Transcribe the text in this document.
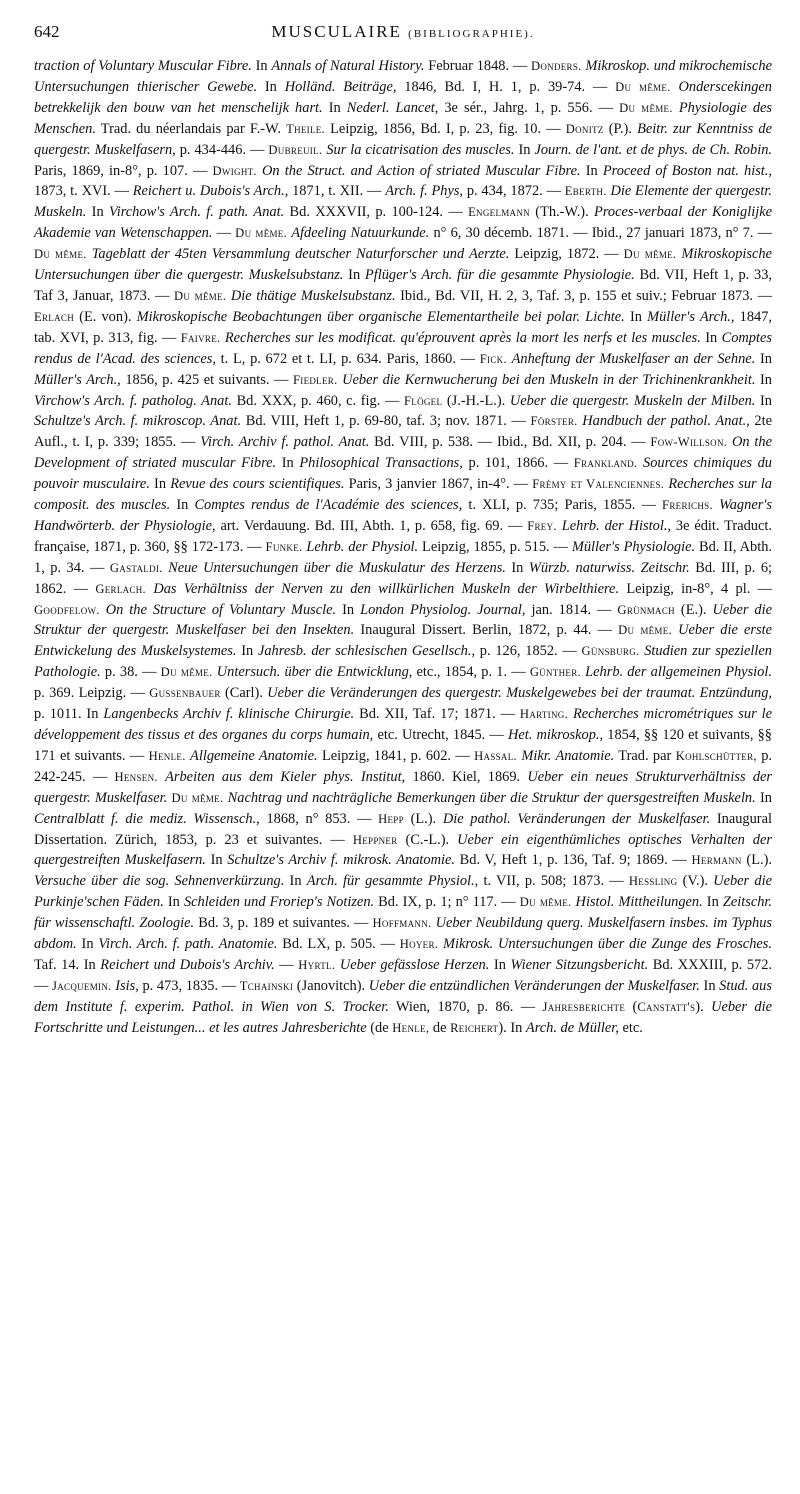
642	MUSCULAIRE (BIBLIOGRAPHIE).

traction of Voluntary Muscular Fibre. In Annals of Natural History. Februar 1848. — Donders. Mikroskop. und mikrochemische Untersuchungen thierischer Gewebe. In Holländ. Beiträge, 1846, Bd. I, H. 1, p. 39-74. — Du même. Onderscekingen betrekkelijk den bouw van het menschelijk hart. In Nederl. Lancet, 3e sér., Jahrg. 1, p. 556. — Du même. Physiologie des Menschen. Trad. du néerlandais par F.-W. Theile. Leipzig, 1856, Bd. I, p. 23, fig. 10. — Donitz (P.). Beitr. zur Kenntniss de quergestr. Muskelfasern, p. 434-446. — Dubreuil. Sur la cicatrisation des muscles. In Journ. de l'ant. et de phys. de Ch. Robin. Paris, 1869, in-8°, p. 107. — Dwight. On the Struct. and Action of striated Muscular Fibre. In Proceed of Boston nat. hist., 1873, t. XVI. — Reichert u. Dubois's Arch., 1871, t. XII. — Arch. f. Phys, p. 434, 1872. — Eberth. Die Elemente der quergestr. Muskeln. In Virchow's Arch. f. path. Anat. Bd. XXXVII, p. 100-124. — Engelmann (Th.-W.). Proces-verbaal der Koniglijke Akademie van Wetenschappen. — Du même. Afdeeling Natuurkunde. n° 6, 30 décemb. 1871. — Ibid., 27 januari 1873, n° 7. — Du même. Tageblatt der 45ten Versammlung deutscher Naturforscher und Aerzte. Leipzig, 1872. — Du même. Mikroskopische Untersuchungen über die quergestr. Muskelsubstanz. In Pflüger's Arch. für die gesammte Physiologie. Bd. VII, Heft 1, p. 33, Taf 3, Januar, 1873. — Du même. Die thätige Muskelsubstanz. Ibid., Bd. VII, H. 2, 3, Taf. 3, p. 155 et suiv.; Februar 1873. — Erlach (E. von). Mikroskopische Beobachtungen über organische Elementartheile bei polar. Lichte. In Müller's Arch., 1847, tab. XVI, p. 313, fig. — Faivre. Recherches sur les modificat. qu'éprouvent après la mort les nerfs et les muscles. In Comptes rendus de l'Acad. des sciences, t. L, p. 672 et t. LI, p. 634. Paris, 1860. — Fick. Anheftung der Muskelfaser an der Sehne. In Müller's Arch., 1856, p. 425 et suivants. — Fiedler. Ueber die Kernwucherung bei den Muskeln in der Trichinenkrankheit. In Virchow's Arch. f. patholog. Anat. Bd. XXX, p. 460, c. fig. — Flögel (J.-H.-L.). Ueber die quergestr. Muskeln der Milben. In Schultze's Arch. f. mikroscop. Anat. Bd. VIII, Heft 1, p. 69-80, taf. 3; nov. 1871. — Förster. Handbuch der pathol. Anat., 2te Aufl., t. I, p. 339; 1855. — Virch. Archiv f. pathol. Anat. Bd. VIII, p. 538. — Ibid., Bd. XII, p. 204. — Fow-Willson. On the Development of striated muscular Fibre. In Philosophical Transactions, p. 101, 1866. — Frankland. Sources chimiques du pouvoir musculaire. In Revue des cours scientifiques. Paris, 3 janvier 1867, in-4°. — Frémy et Valenciennes. Recherches sur la composit. des muscles. In Comptes rendus de l'Académie des sciences, t. XLI, p. 735; Paris, 1855. — Frerichs. Wagner's Handwörterb. der Physiologie, art. Verdauung. Bd. III, Abth. 1, p. 658, fig. 69. — Frey. Lehrb. der Histol., 3e édit. Traduct. française, 1871, p. 360, §§ 172-173. — Funke. Lehrb. der Physiol. Leipzig, 1855, p. 515. — Müller's Physiologie. Bd. II, Abth. 1, p. 34. — Gastaldi. Neue Untersuchungen über die Muskulatur des Herzens. In Würzb. naturwiss. Zeitschr. Bd. III, p. 6; 1862. — Gerlach. Das Verhältniss der Nerven zu den willkürlichen Muskeln der Wirbelthiere. Leipzig, in-8°, 4 pl. — Goodfelow. On the Structure of Voluntary Muscle. In London Physiolog. Journal, jan. 1814. — Grünmach (E.). Ueber die Struktur der quergestr. Muskelfaser bei den Insekten. Inaugural Dissert. Berlin, 1872, p. 44. — Du même. Ueber die erste Entwickelung des Muskelsystemes. In Jahresb. der schlesischen Gesellsch., p. 126, 1852. — Günsburg. Studien zur speziellen Pathologie. p. 38. — Du même. Untersuch. über die Entwicklung, etc., 1854, p. 1. — Günther. Lehrb. der allgemeinen Physiol. p. 369. Leipzig. — Gussenbauer (Carl). Ueber die Veränderungen des quergestr. Muskelgewebes bei der traumat. Entzündung, p. 1011. In Langenbecks Archiv f. klinische Chirurgie. Bd. XII, Taf. 17; 1871. — Harting. Recherches micrométriques sur le développement des tissus et des organes du corps humain, etc. Utrecht, 1845. — Het. mikroskop., 1854, §§ 120 et suivants, §§ 171 et suivants. — Henle. Allgemeine Anatomie. Leipzig, 1841, p. 602. — Hassal. Mikr. Anatomie. Trad. par Kohlschütter, p. 242-245. — Hensen. Arbeiten aus dem Kieler phys. Institut, 1860. Kiel, 1869. Ueber ein neues Strukturverhältniss der quergestr. Muskelfaser. Du même. Nachtrag und nachträgliche Bemerkungen über die Struktur der quersgestreiften Muskeln. In Centralblatt f. die mediz. Wissensch., 1868, n° 853. — Hepp (L.). Die pathol. Veränderungen der Muskelfaser. Inaugural Dissertation. Zürich, 1853, p. 23 et suivantes. — Heppner (C.-L.). Ueber ein eigenthümliches optisches Verhalten der quergestreiften Muskelfasern. In Schultze's Archiv f. mikrosk. Anatomie. Bd. V, Heft 1, p. 136, Taf. 9; 1869. — Hermann (L.). Versuche über die sog. Sehnenverkürzung. In Arch. für gesammte Physiol., t. VII, p. 508; 1873. — Hessling (V.). Ueber die Purkinje'schen Fäden. In Schleiden und Froriep's Notizen. Bd. IX, p. 1; n° 117. — Du même. Histol. Mittheilungen. In Zeitschr. für wissenschaftl. Zoologie. Bd. 3, p. 189 et suivantes. — Hoffmann. Ueber Neubildung querg. Muskelfasern insbes. im Typhus abdom. In Virch. Arch. f. path. Anatomie. Bd. LX, p. 505. — Hoyer. Mikrosk. Untersuchungen über die Zunge des Frosches. Taf. 14. In Reichert und Dubois's Archiv. — Hyrtl. Ueber gefässlose Herzen. In Wiener Sitzungsbericht. Bd. XXXIII, p. 572. — Jacquemin. Isis, p. 473, 1835. — Tchainski (Janovitch). Ueber die entzündlichen Veränderungen der Muskelfaser. In Stud. aus dem Institute f. experim. Pathol. in Wien von S. Trocker. Wien, 1870, p. 86. — Jahresberichte (Canstatt's). Ueber die Fortschritte und Leistungen... et les autres Jahresberichte (de Henle, de Reichert). In Arch. de Müller, etc.
